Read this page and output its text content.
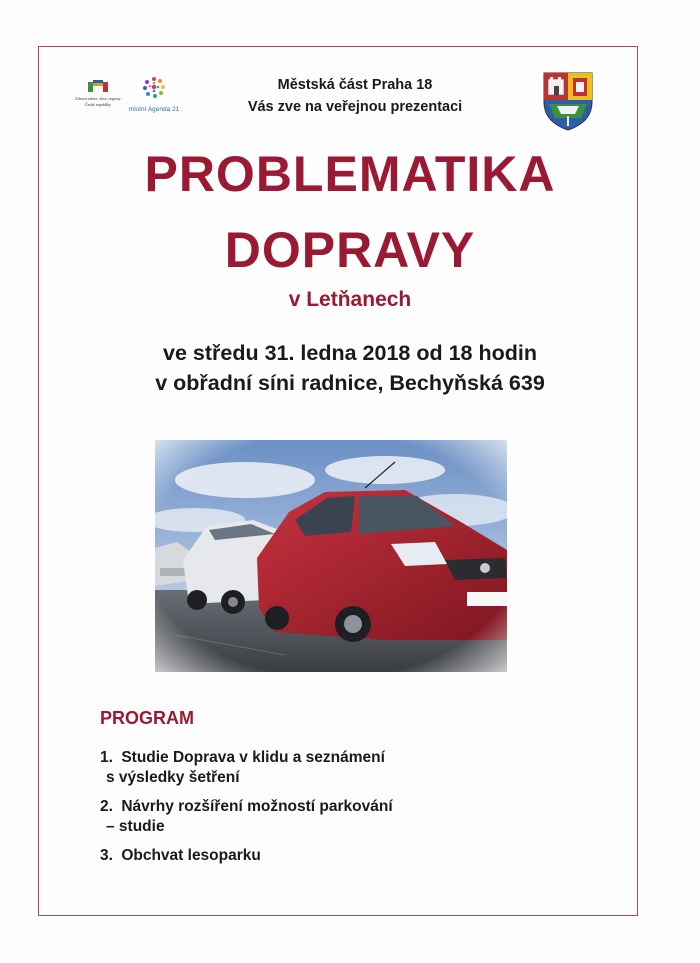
Zdravá města, obce, regiony
České republiky
místní Agenda 21
Městská část Praha 18
Vás zve na veřejnou prezentaci
PROBLEMATIKA
DOPRAVY
v Letňanech
ve středu 31. ledna 2018 od 18 hodin
v obřadní síni radnice, Bechyňská 639
PROGRAM
1. Studie Doprava v klidu a seznámení
s výsledky šetření
2. Návrhy rozšíření možností parkování
– studie
3. Obchvat lesoparku
